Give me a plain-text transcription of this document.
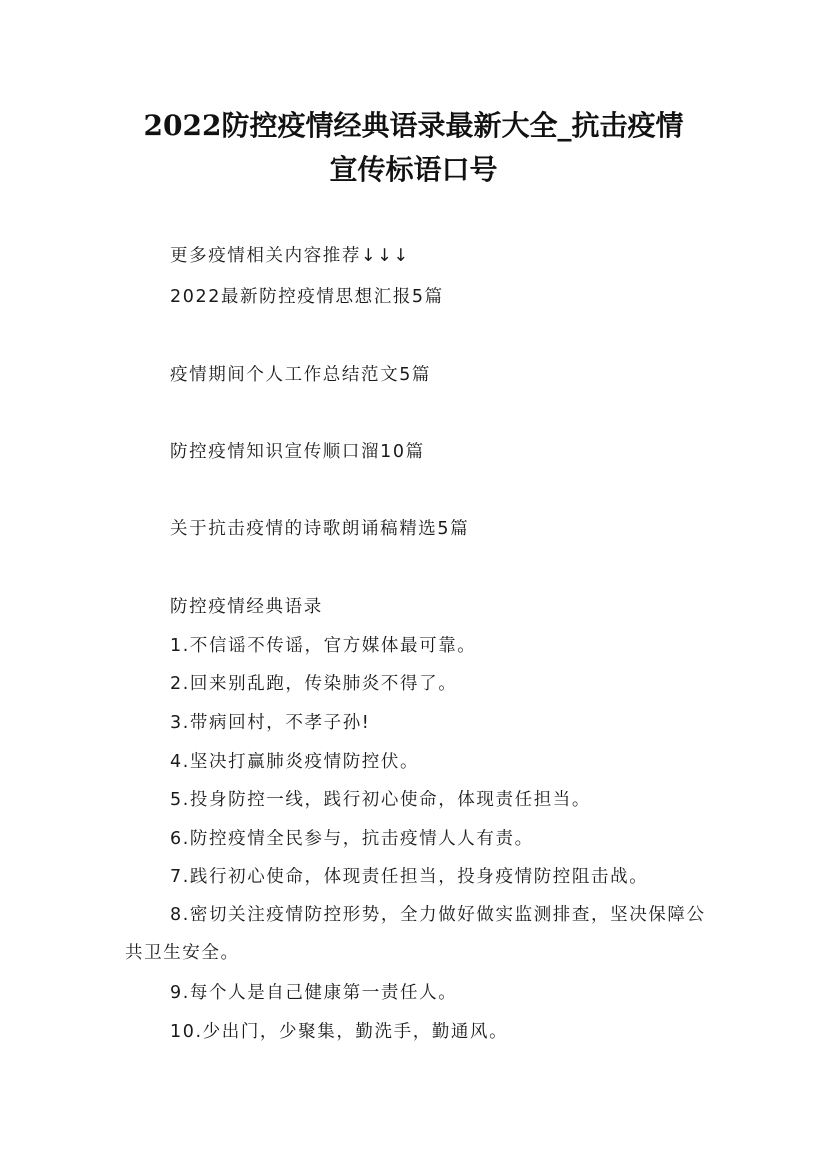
2022防控疫情经典语录最新大全_抗击疫情
宣传标语口号

更多疫情相关内容推荐↓↓↓

2022最新防控疫情思想汇报5篇

疫情期间个人工作总结范文5篇

防控疫情知识宣传顺口溜10篇

关于抗击疫情的诗歌朗诵稿精选5篇

防控疫情经典语录

1.不信谣不传谣，官方媒体最可靠。

2.回来别乱跑，传染肺炎不得了。

3.带病回村，不孝子孙!

4.坚决打赢肺炎疫情防控伏。

5.投身防控一线，践行初心使命，体现责任担当。

6.防控疫情全民参与，抗击疫情人人有责。

7.践行初心使命，体现责任担当，投身疫情防控阻击战。

8.密切关注疫情防控形势，全力做好做实监测排查，坚决保障公共卫生安全。

9.每个人是自己健康第一责任人。

10.少出门，少聚集，勤洗手，勤通风。
